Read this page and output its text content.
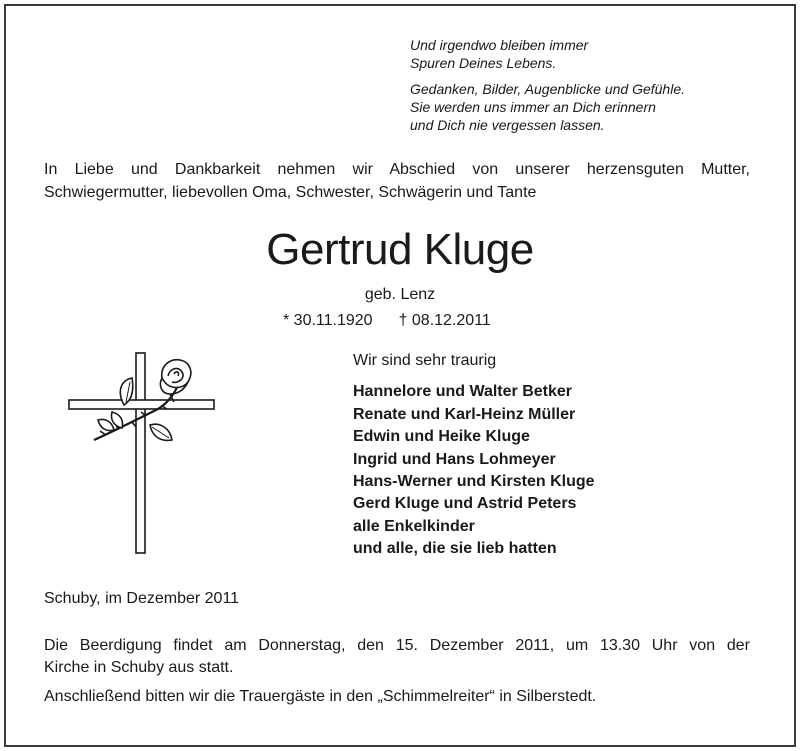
Und irgendwo bleiben immer
Spuren Deines Lebens.
Gedanken, Bilder, Augenblicke und Gefühle.
Sie werden uns immer an Dich erinnern
und Dich nie vergessen lassen.
In Liebe und Dankbarkeit nehmen wir Abschied von unserer herzensguten Mutter,
Schwiegermutter, liebevollen Oma, Schwester, Schwägerin und Tante
Gertrud Kluge
geb. Lenz
* 30.11.1920 † 08.12.2011
Wir sind sehr traurig
Hannelore und Walter Betker
Renate und Karl-Heinz Müller
Edwin und Heike Kluge
Ingrid und Hans Lohmeyer
Hans-Werner und Kirsten Kluge
Gerd Kluge und Astrid Peters
alle Enkelkinder
und alle, die sie lieb hatten
Schuby, im Dezember 2011
Die Beerdigung findet am Donnerstag, den 15. Dezember 2011, um 13.30 Uhr von der
Kirche in Schuby aus statt.
Anschließend bitten wir die Trauergäste in den „Schimmelreiter“ in Silberstedt.
